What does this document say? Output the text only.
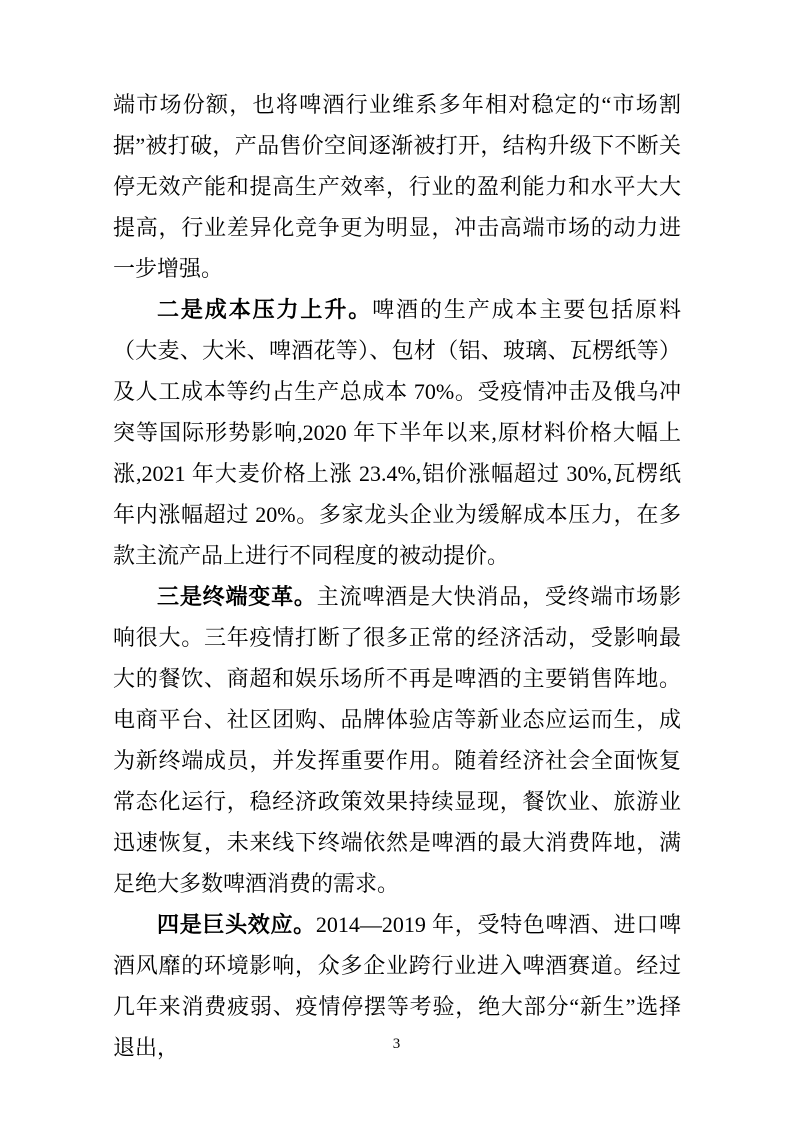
端市场份额，也将啤酒行业维系多年相对稳定的“市场割据”被打破，产品售价空间逐渐被打开，结构升级下不断关停无效产能和提高生产效率，行业的盈利能力和水平大大提高，行业差异化竞争更为明显，冲击高端市场的动力进一步增强。

二是成本压力上升。啤酒的生产成本主要包括原料（大麦、大米、啤酒花等）、包材（铝、玻璃、瓦楞纸等）及人工成本等约占生产总成本 70%。受疫情冲击及俄乌冲突等国际形势影响,2020 年下半年以来,原材料价格大幅上涨,2021 年大麦价格上涨 23.4%,铝价涨幅超过 30%,瓦楞纸年内涨幅超过 20%。多家龙头企业为缓解成本压力，在多款主流产品上进行不同程度的被动提价。

三是终端变革。主流啤酒是大快消品，受终端市场影响很大。三年疫情打断了很多正常的经济活动，受影响最大的餐饮、商超和娱乐场所不再是啤酒的主要销售阵地。电商平台、社区团购、品牌体验店等新业态应运而生，成为新终端成员，并发挥重要作用。随着经济社会全面恢复常态化运行，稳经济政策效果持续显现，餐饮业、旅游业迅速恢复，未来线下终端依然是啤酒的最大消费阵地，满足绝大多数啤酒消费的需求。

四是巨头效应。2014—2019 年，受特色啤酒、进口啤酒风靡的环境影响，众多企业跨行业进入啤酒赛道。经过几年来消费疲弱、疫情停摆等考验，绝大部分“新生”选择退出，	3
